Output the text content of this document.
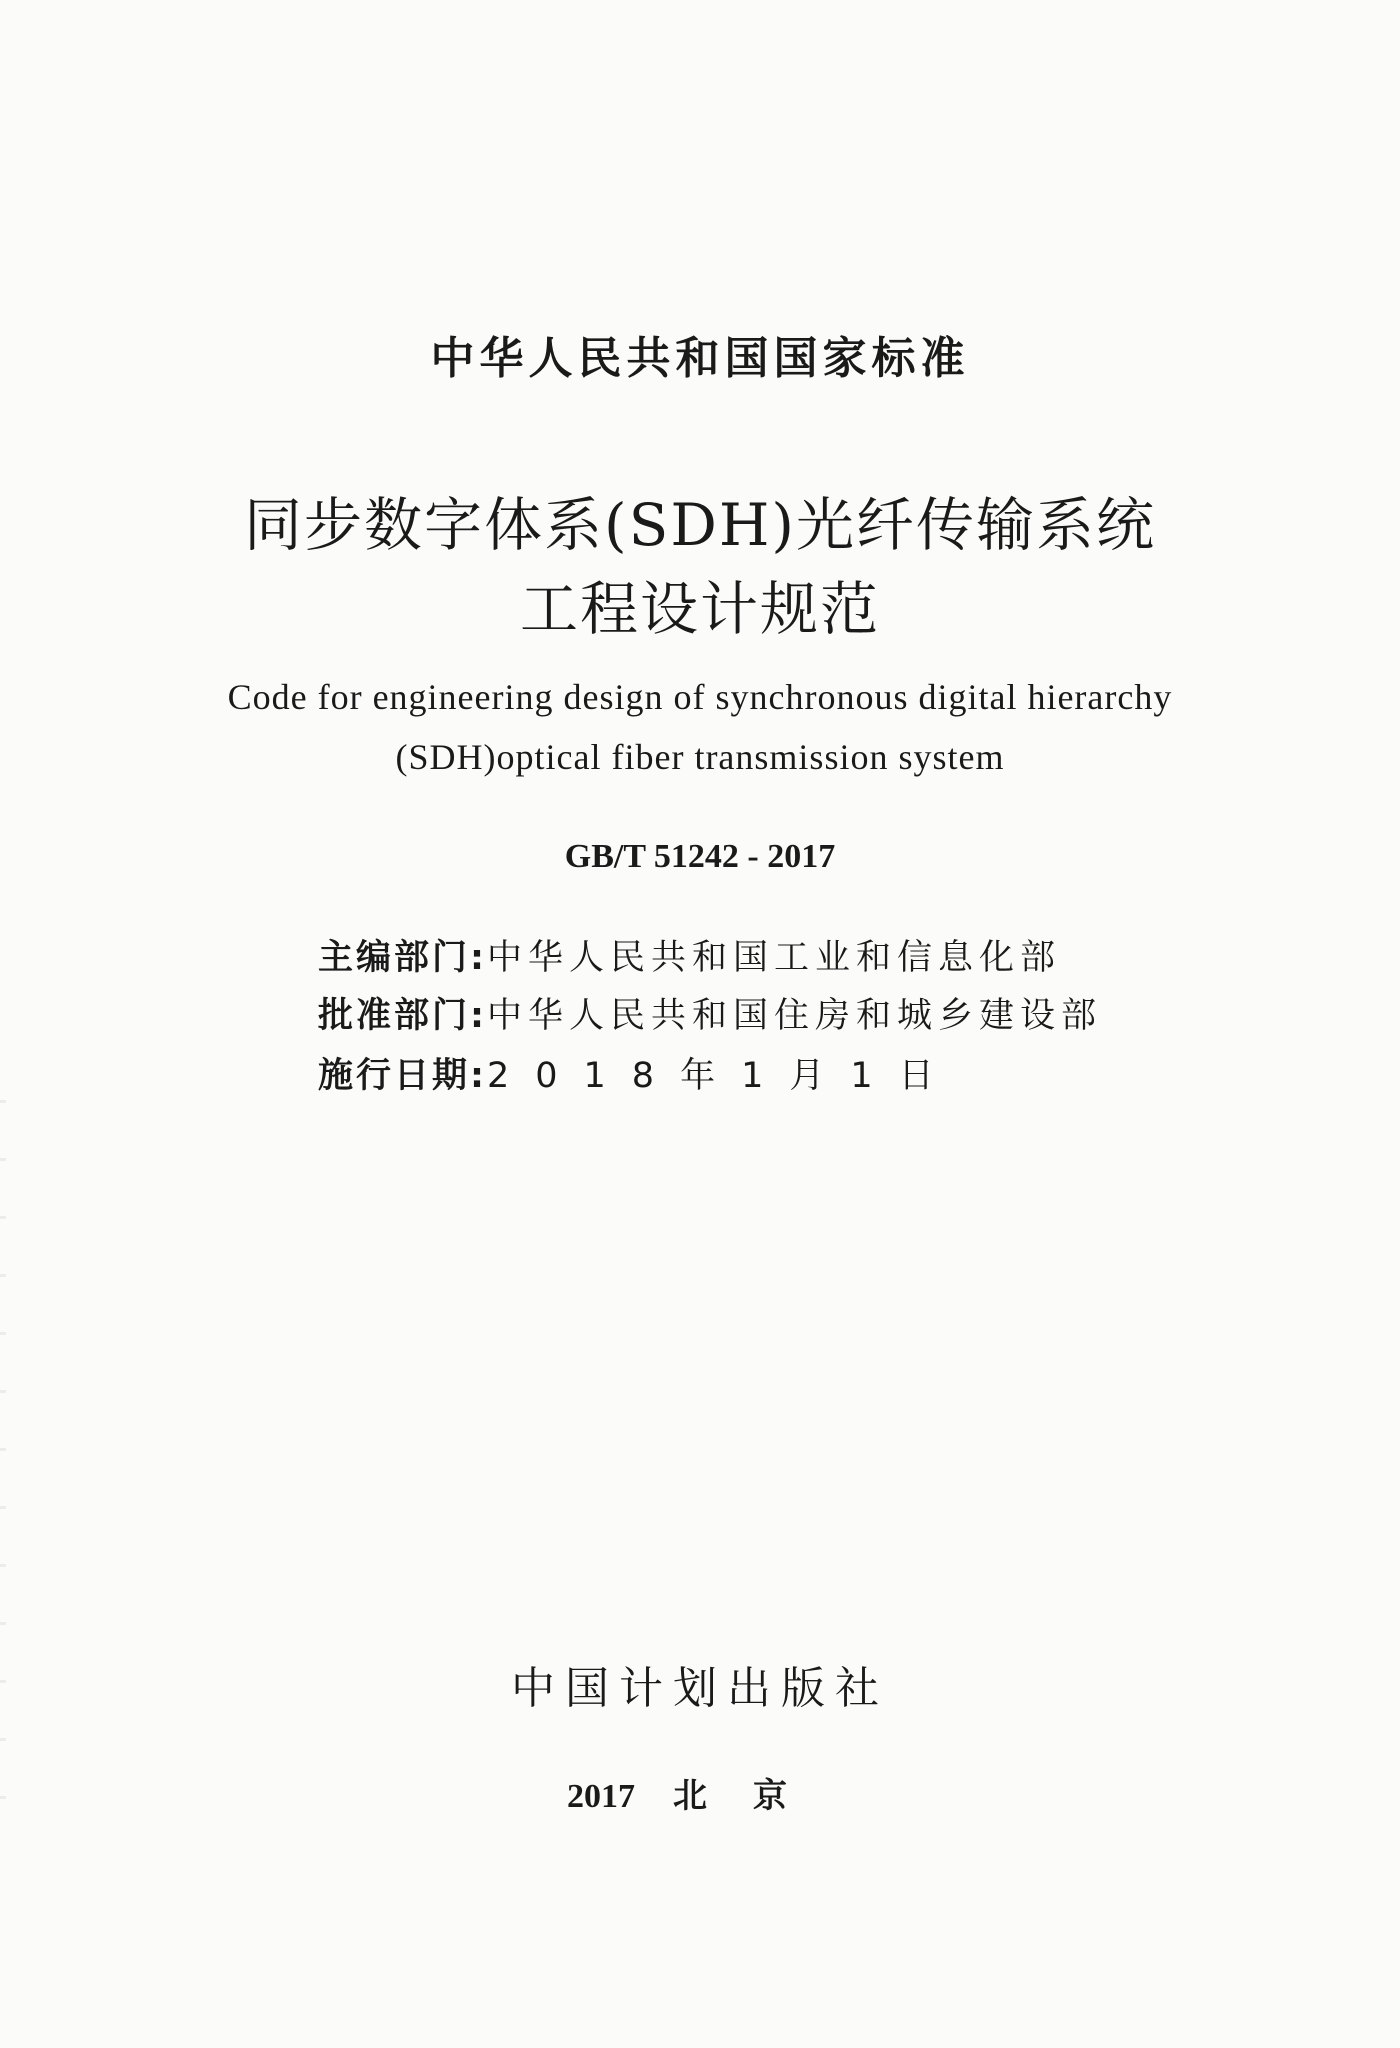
中华人民共和国国家标准
同步数字体系(SDH)光纤传输系统
工程设计规范
Code for engineering design of synchronous digital hierarchy
(SDH)optical fiber transmission system
GB/T 51242 - 2017
主编部门:中华人民共和国工业和信息化部
批准部门:中华人民共和国住房和城乡建设部
施行日期:2018年1月1日
中国计划出版社
2017 北京
